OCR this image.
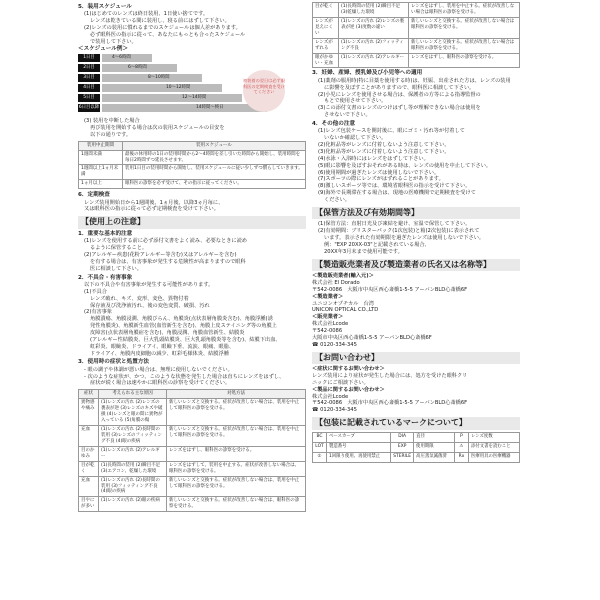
5．装用スケジュール
(1)はじめてのレンズは終日装用、1日使い捨てです。
レンズは乾きている間に装用し、寝る前にはずして下さい。
(2)レンズの装用に慣れるまでのスケジュールは個人差があります。
必ず眼科医の指示に従って、あなたにもっとも合ったスケジュール
で装用して下さい。
＜スケジュール例＞
1日目	4～6時間
2日目	6～8時間
3日目	8～10時間
4日目	10～12時間
5日目	12～14時間
6日目以降	14時間～終日
初装着の翌日は必ず眼科医の定期検査を受けてください
(3) 装用を中断した場合
再び装用を開始する場合は次の装用スケジュールの目安を
以下の通りです。
装用中止期間	装用スケジュール
1週間未満	最後の休用時の1日の装用時間から2～4時間を差し引いた時間から開始し、装用時間を毎日2時間ずつ延長させます。
1週間以上1ヵ月未満	装用1日目の装用時間から開始し、装用スケジュールに従い少しずつ慣らしていきます。
1ヵ月以上	眼科医の診察を必ず受けて、その指示に従ってください。
6．定期検査
レンズ装用開始日から1週間後、1ヵ月後、以降3ヵ月毎に、
又は眼科医の指示に従って必ず定期検査を受けて下さい。
【使用上の注意】
1．重要な基本的注意
(1)レンズを使用する前に必ず添付文書をよく読み、必要なときに読め
るように保管すること。
(2)アレルギー疾患(花粉アレルギー等含む)又はアレルギーを含む)
を有する場合は、有害事象が発生する危険性が高まりますので眼科
医に相談して下さい。
2．不具合・有害事象
以下の不具合や有害事象が発生する可能性があります。
(1)不具合
レンズ破れ、キズ、変形、変色、異物付着
保存液及び洗浄液汚れ、後の変色変質、破損、汚れ
(2)有害事象
角膜潰瘍、角膜浸潤、角膜びらん、角膜炎(点状表層角膜炎含む)、角膜浮腫(誘
発性角膜炎)、角膜新生血管(血管新生を含む)、角膜上皮ステイニング等の角膜上
皮障害(点状表層角膜症を含む)、角膜浸潤、角膜血管新生、結膜炎
(アレルギー性結膜炎、巨大乳頭結膜炎、巨大乳頭角膜炎等を含む)、結膜下出血、
虹彩炎、眼瞼炎、ドライアイ、眼瞼下垂、流涙、眼痛、眼脂、
ドライアイ、角膜内皮細胞の減少、虹彩毛様体炎、結膜浮腫
3．使用時の症状と処置方法
- 眼の調子や体調が悪い場合は、無理に使用しないでください。
- 次のような症状が、かつ、このような状態を発生した場合は直ちにレンズをはずし、
症状が続く場合は速やかに眼科医の診察を受けてください。
症状	考えられる主な原因	対処方法
異物感や痛み	(1)レンズの汚れ (2)レンズの裏表が逆 (3)レンズのキズや破損 (4)レンズと眼の間に異物が入っている (5)角膜の傷	新しいレンズと交換する。症状が改善しない場合は、装用を中止して眼科医の診察を受ける。
充血	(1)レンズの汚れ (2)長時間の装用 (3)レンズのフィッティング不良 (4)眼の疾病	新しいレンズと交換する。症状が改善しない場合は、装用を中止して眼科医の診察を受ける。
目のかゆみ	(1)レンズの汚れ (2)アレルギー	レンズをはずし、眼科医の診察を受ける。
目が乾く	(1)長時間の装用 (2)瞬目不足 (3)エアコン、乾燥した環境	レンズをはずして、装用を中止する。症状が改善しない場合は、眼科医の診察を受ける。
充血	(1)レンズの汚れ (2)長時間の装用 (3)フィッティング不良 (4)眼の疾病	新しいレンズと交換する。症状が改善しない場合は、装用を中止して眼科医の診察を受ける。
目やにが多い	(1)レンズの汚れ (2)眼の疾病	新しいレンズと交換する。症状が改善しない場合は、眼科医の診察を受ける。
目が乾く	(1)長時間の装用 (2)瞬目不足 (3)乾燥した環境	レンズをはずし、装用を中止する。症状が改善しない場合は眼科医の診察を受ける。
レンズが見えにくい	(1)レンズの汚れ (2)レンズの裏表が逆 (3)度数の違い	新しいレンズと交換する。症状が改善しない場合は眼科医の診察を受ける。
レンズがずれる	(1)レンズの汚れ (2)フィッティング不良	新しいレンズと交換する。症状が改善しない場合は眼科医の診察を受ける。
眼がかゆい・充血	(1)レンズの汚れ (2)アレルギー	レンズをはずし、眼科医の診察を受ける。
3．妊婦、産婦、授乳婦及び小児等への適用
(1)薬剤の服用時(特に目薬を使用する時)は、妊娠、出産された方は、レンズの装用
に影響を及ぼすことがありますので、眼科医に相談して下さい。
(2)小児にレンズを使用させる場合は、保護者の方等による指導監督の
もとで使用させて下さい。
(3)この添付文書のレンズのつけはずし等が理解できない場合は使用を
させないで下さい。
4．その他の注意
(1)レンズ包装ケースを開封後に、眼にゴミ・汚れ等が付着して
いないか確認して下さい。
(2)化粧品等がレンズに付着しないよう注意して下さい。
(3)化粧品等がレンズに付着しないよう注意して下さい。
(4)水泳・入浴時にはレンズをはずして下さい。
(5)眼に影響を及ぼすおそれがある時は、レンズの使用を中止して下さい。
(6)使用期間が過ぎたレンズは使用しないで下さい。
(7)スポーツの際にレンズがはずれることがあります。
(8)激しいスポーツ等では、環境省眼科医の指示を受けて下さい。
(9)海外で長期滞在する場合は、現地の医療機関で定期検査を受けて
ください。
【保管方法及び有効期間等】
(1)保管方法：直射日光及び凍結を避け、室温で保管して下さい。
(2)有効期間：ブリスターパック(1次包装)と箱(2次包装)に表示されて
います。表示された有効期限を過ぎたレンズは使用しないで下さい。
例："EXP 20XX-03"と記載されている場合、
20XX年3月末まで使用可能です。
【製造販売業者及び製造業者の氏名又は名称等】
＜製造販売業者(輸入元)＞
株式会社 El Dorado
〒542-0086　大阪市中央区西心斎橋1-5-5 アーバンBLD心斎橋6F
＜製造業者＞
ユニコンオプチカル　台湾
UNICON OPTICAL CO.,LTD
＜販売業者＞
株式会社Lcode
〒542-0086
大阪市中央区西心斎橋1-5-5 アーバンBLD心斎橋6F
☎ 0120-334-345
【お問い合わせ】
＜症状に関するお問い合わせ＞
レンズ装用により症状が発生した場合には、処方を受けた眼科クリ
ニックにご相談下さい。
＜製品に関するお問い合わせ＞
株式会社Lcode
〒542-0086　大阪市中央区西心斎橋1-5-5 アーバンBLD心斎橋6F
☎ 0120-334-345
【包装に記載されているマークについて】
BC	ベースカーブ	DIA	直径	P	レンズ度数
LOT	製造番号	EXP	使用期限	⚠	添付文書を読むこと
②	1回限り使用、再使用禁止	STERILE	高圧蒸気滅菌済	Rx	医療用具の医療機器
